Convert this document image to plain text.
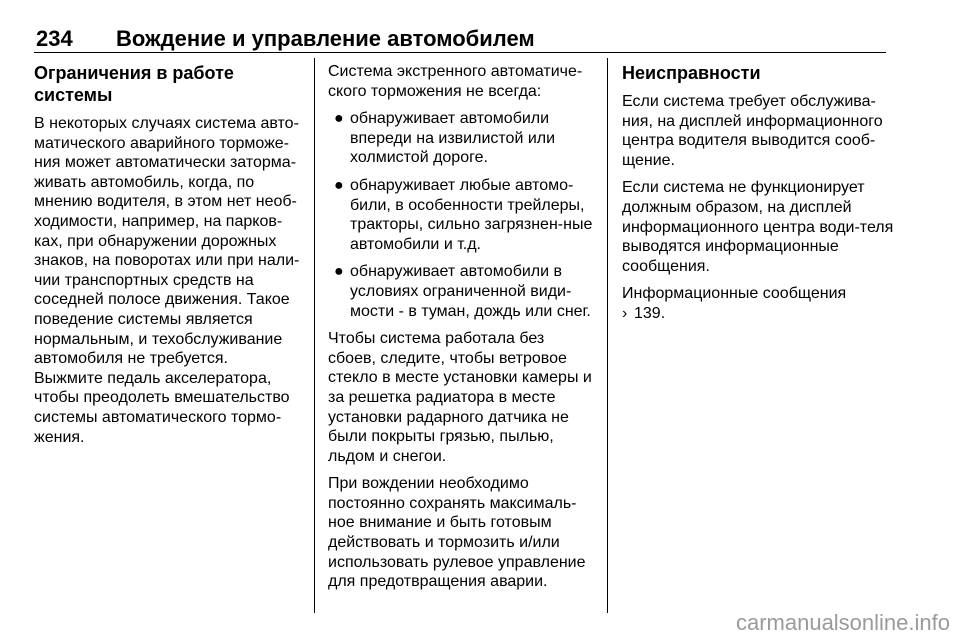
234 Вождение и управление автомобилем
Ограничения в работе системы

В некоторых случаях система авто-матического аварийного торможе-ния может автоматически заторма-живать автомобиль, когда, по мнению водителя, в этом нет необ-ходимости, например, на парков-ках, при обнаружении дорожных знаков, на поворотах или при нали-чии транспортных средств на соседней полосе движения. Такое поведение системы является нормальным, и техобслуживание автомобиля не требуется.

Выжмите педаль акселератора, чтобы преодолеть вмешательство системы автоматического тормо-жения.

Система экстренного автоматиче-ского торможения не всегда:

● обнаруживает автомобили впереди на извилистой или холмистой дороге.
● обнаруживает любые автомо-били, в особенности трейлеры, тракторы, сильно загрязнен-ные автомобили и т.д.
● обнаруживает автомобили в условиях ограниченной види-мости - в туман, дождь или снег.

Чтобы система работала без сбоев, следите, чтобы ветровое стекло в месте установки камеры и за решетка радиатора в месте установки радарного датчика не были покрыты грязью, пылью, льдом и снегои.

При вождении необходимо постоянно сохранять максималь-ное внимание и быть готовым действовать и тормозить и/или использовать рулевое управление для предотвращения аварии.

Неисправности

Если система требует обслужива-ния, на дисплей информационного центра водителя выводится сооб-щение.

Если система не функционирует должным образом, на дисплей информационного центра води-теля выводятся информационные сообщения.

Информационные сообщения

› 139.

carmanualsonline.info
